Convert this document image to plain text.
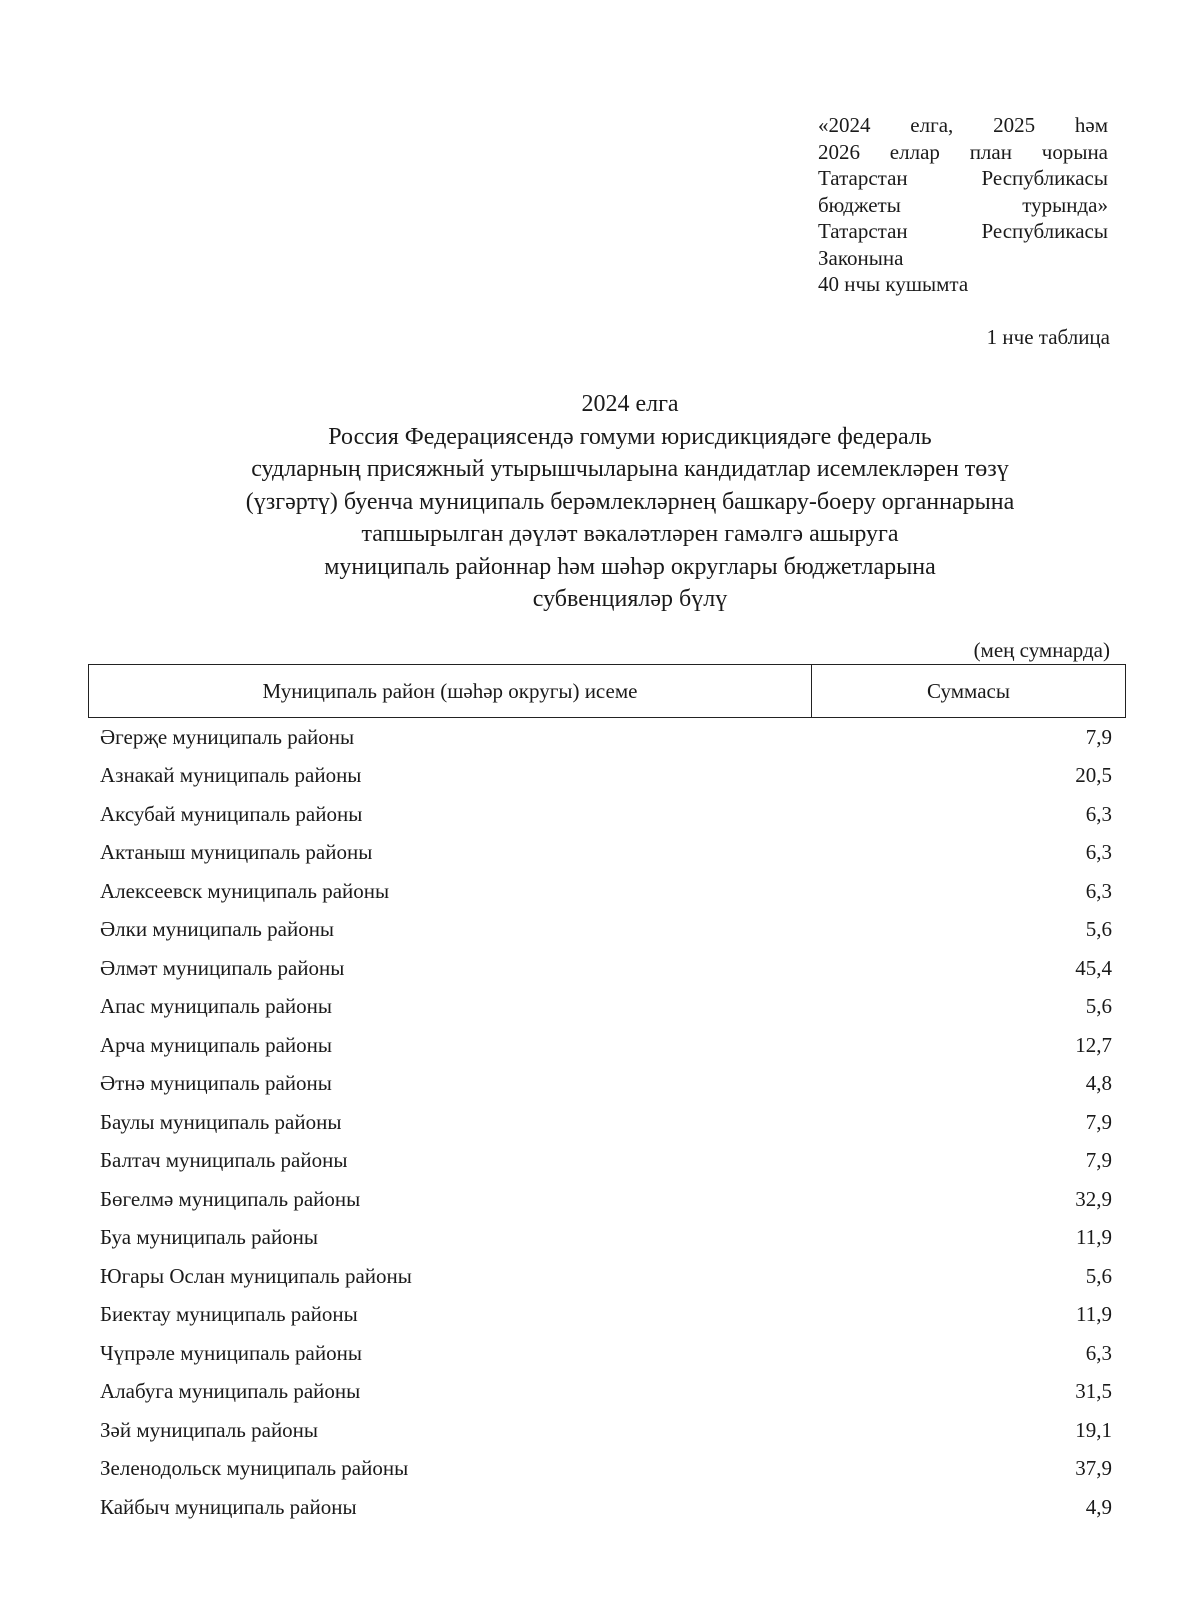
«2024 елга, 2025 һәм
2026 еллар план чорына
Татарстан Республикасы
бюджеты турында»
Татарстан Республикасы
Законына
40 нчы кушымта
1 нче таблица
2024 елга
Россия Федерациясендә гомуми юрисдикциядәге федераль
судларның присяжный утырышчыларына кандидатлар исемлекләрен төзү
(үзгәртү) буенча муниципаль берәмлекләрнең башкару-боеру органнарына
тапшырылган дәүләт вәкаләтләрен гамәлгә ашыруга
муниципаль районнар һәм шәһәр округлары бюджетларына
субвенцияләр бүлү
(мең сумнарда)
Муниципаль район (шәһәр округы) исеме	Суммасы
Әгерҗе муниципаль районы	7,9
Азнакай муниципаль районы	20,5
Аксубай муниципаль районы	6,3
Актаныш муниципаль районы	6,3
Алексеевск муниципаль районы	6,3
Әлки муниципаль районы	5,6
Әлмәт муниципаль районы	45,4
Апас муниципаль районы	5,6
Арча муниципаль районы	12,7
Әтнә муниципаль районы	4,8
Баулы муниципаль районы	7,9
Балтач муниципаль районы	7,9
Бөгелмә муниципаль районы	32,9
Буа муниципаль районы	11,9
Югары Ослан муниципаль районы	5,6
Биектау муниципаль районы	11,9
Чүпрәле муниципаль районы	6,3
Алабуга муниципаль районы	31,5
Зәй муниципаль районы	19,1
Зеленодольск муниципаль районы	37,9
Кайбыч муниципаль районы	4,9
